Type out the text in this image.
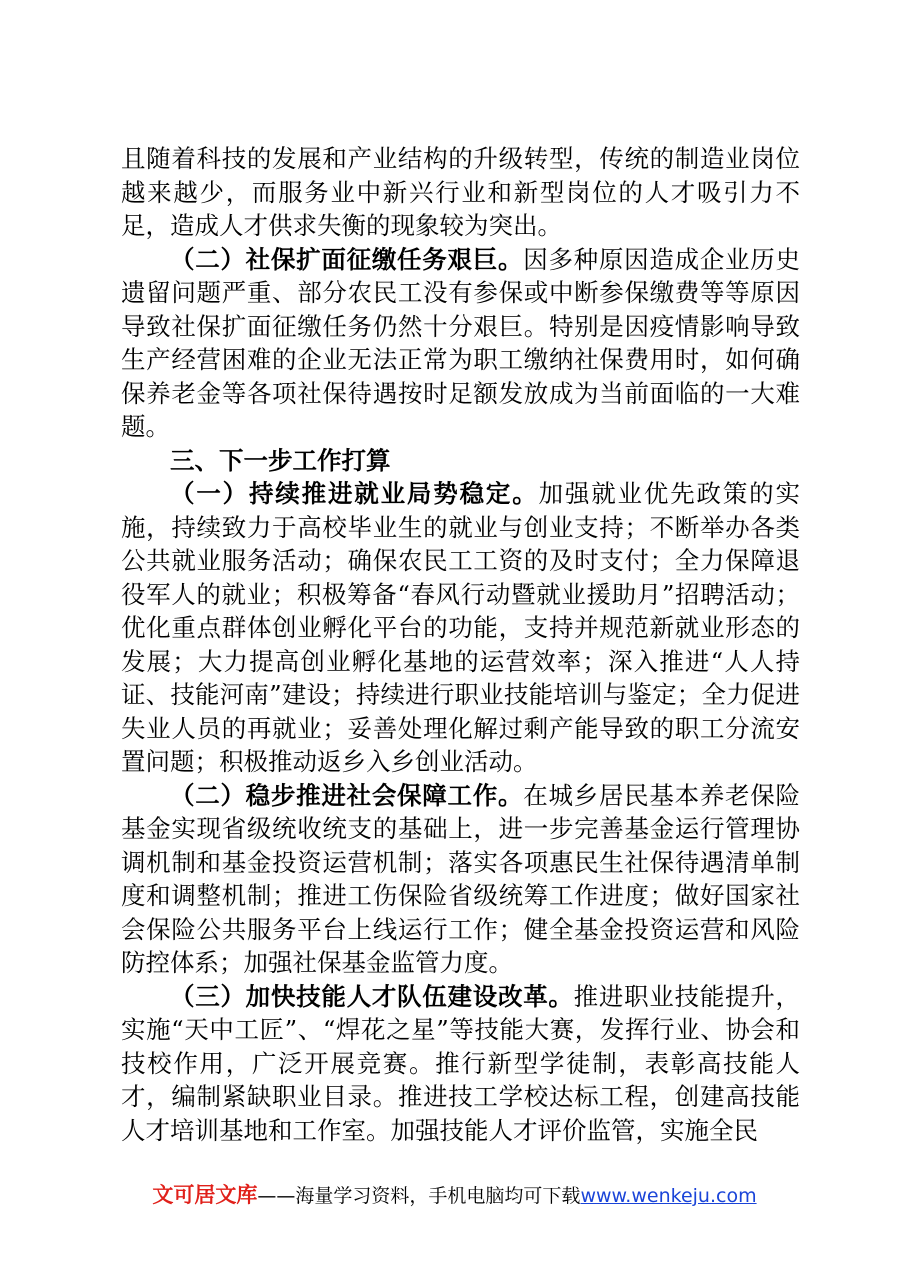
且随着科技的发展和产业结构的升级转型，传统的制造业岗位越来越少，而服务业中新兴行业和新型岗位的人才吸引力不足，造成人才供求失衡的现象较为突出。

（二）社保扩面征缴任务艰巨。因多种原因造成企业历史遗留问题严重、部分农民工没有参保或中断参保缴费等等原因导致社保扩面征缴任务仍然十分艰巨。特别是因疫情影响导致生产经营困难的企业无法正常为职工缴纳社保费用时，如何确保养老金等各项社保待遇按时足额发放成为当前面临的一大难题。

三、下一步工作打算

（一）持续推进就业局势稳定。加强就业优先政策的实施，持续致力于高校毕业生的就业与创业支持；不断举办各类公共就业服务活动；确保农民工工资的及时支付；全力保障退役军人的就业；积极筹备“春风行动暨就业援助月”招聘活动；优化重点群体创业孵化平台的功能，支持并规范新就业形态的发展；大力提高创业孵化基地的运营效率；深入推进“人人持证、技能河南”建设；持续进行职业技能培训与鉴定；全力促进失业人员的再就业；妥善处理化解过剩产能导致的职工分流安置问题；积极推动返乡入乡创业活动。

（二）稳步推进社会保障工作。在城乡居民基本养老保险基金实现省级统收统支的基础上，进一步完善基金运行管理协调机制和基金投资运营机制；落实各项惠民生社保待遇清单制度和调整机制；推进工伤保险省级统筹工作进度；做好国家社会保险公共服务平台上线运行工作；健全基金投资运营和风险防控体系；加强社保基金监管力度。

（三）加快技能人才队伍建设改革。推进职业技能提升，实施“天中工匠”、“焊花之星”等技能大赛，发挥行业、协会和技校作用，广泛开展竞赛。推行新型学徒制，表彰高技能人才，编制紧缺职业目录。推进技工学校达标工程，创建高技能人才培训基地和工作室。加强技能人才评价监管，实施全民

文可居文库——海量学习资料，手机电脑均可下载www.wenkeju.com
